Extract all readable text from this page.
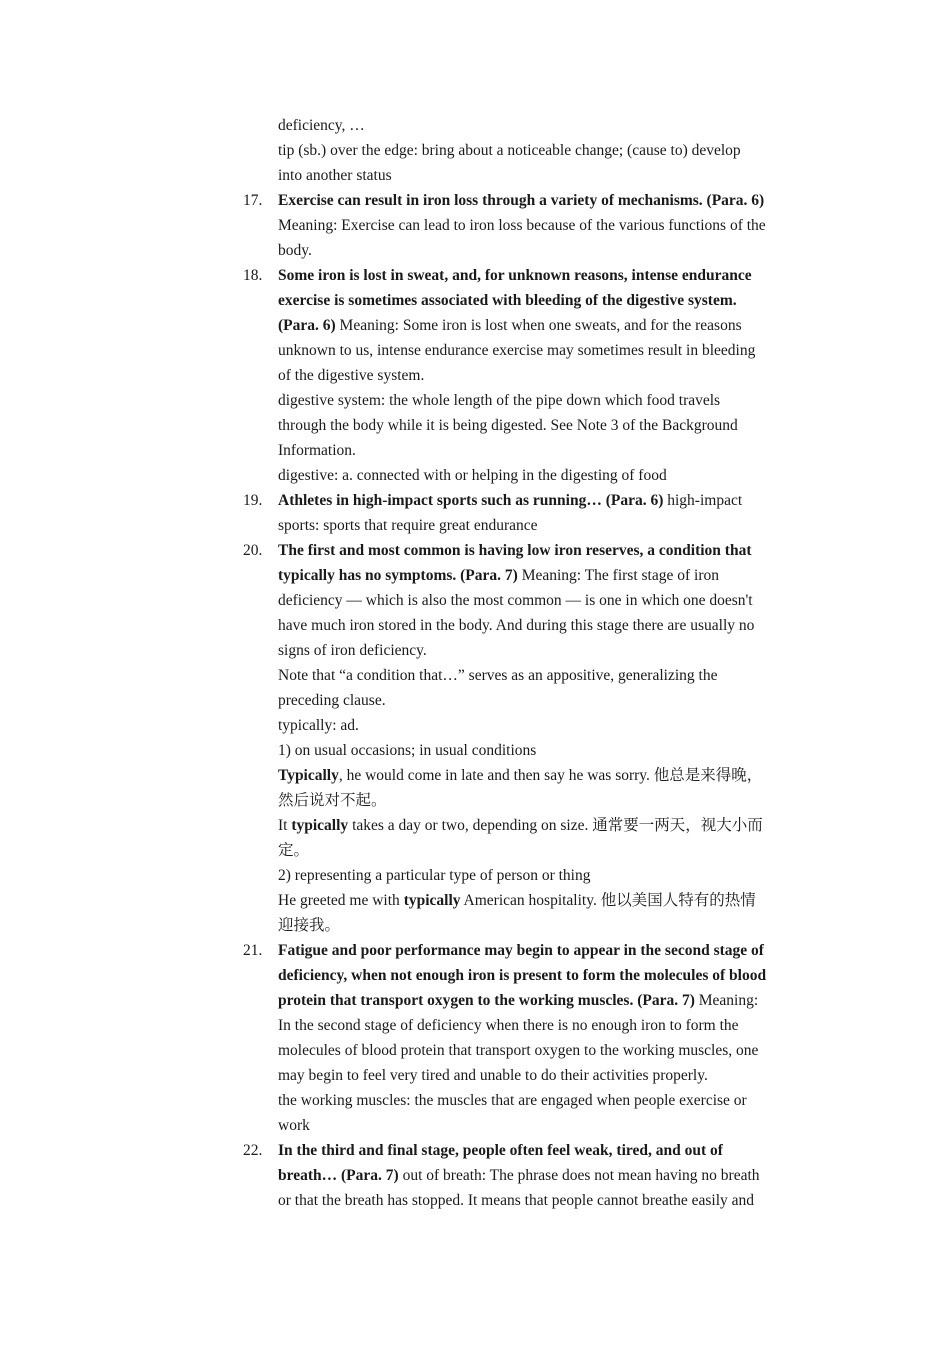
deficiency, …
tip (sb.) over the edge: bring about a noticeable change; (cause to) develop
into another status
17. Exercise can result in iron loss through a variety of mechanisms. (Para. 6)
Meaning: Exercise can lead to iron loss because of the various functions of the
body.
18. Some iron is lost in sweat, and, for unknown reasons, intense endurance
exercise is sometimes associated with bleeding of the digestive system.
(Para. 6) Meaning: Some iron is lost when one sweats, and for the reasons
unknown to us, intense endurance exercise may sometimes result in bleeding
of the digestive system.
digestive system: the whole length of the pipe down which food travels
through the body while it is being digested. See Note 3 of the Background
Information.
digestive: a. connected with or helping in the digesting of food
19. Athletes in high-impact sports such as running… (Para. 6) high-impact
sports: sports that require great endurance
20. The first and most common is having low iron reserves, a condition that
typically has no symptoms. (Para. 7) Meaning: The first stage of iron
deficiency — which is also the most common — is one in which one doesn't
have much iron stored in the body. And during this stage there are usually no
signs of iron deficiency.
Note that “a condition that…” serves as an appositive, generalizing the
preceding clause.
typically: ad.
1) on usual occasions; in usual conditions
Typically, he would come in late and then say he was sorry. 他总是来得晚，
然后说对不起。
It typically takes a day or two, depending on size. 通常要一两天，视大小而
定。
2) representing a particular type of person or thing
He greeted me with typically American hospitality. 他以美国人特有的热情
迎接我。
21. Fatigue and poor performance may begin to appear in the second stage of
deficiency, when not enough iron is present to form the molecules of blood
protein that transport oxygen to the working muscles. (Para. 7) Meaning:
In the second stage of deficiency when there is no enough iron to form the
molecules of blood protein that transport oxygen to the working muscles, one
may begin to feel very tired and unable to do their activities properly.
the working muscles: the muscles that are engaged when people exercise or
work
22. In the third and final stage, people often feel weak, tired, and out of
breath… (Para. 7) out of breath: The phrase does not mean having no breath
or that the breath has stopped. It means that people cannot breathe easily and
